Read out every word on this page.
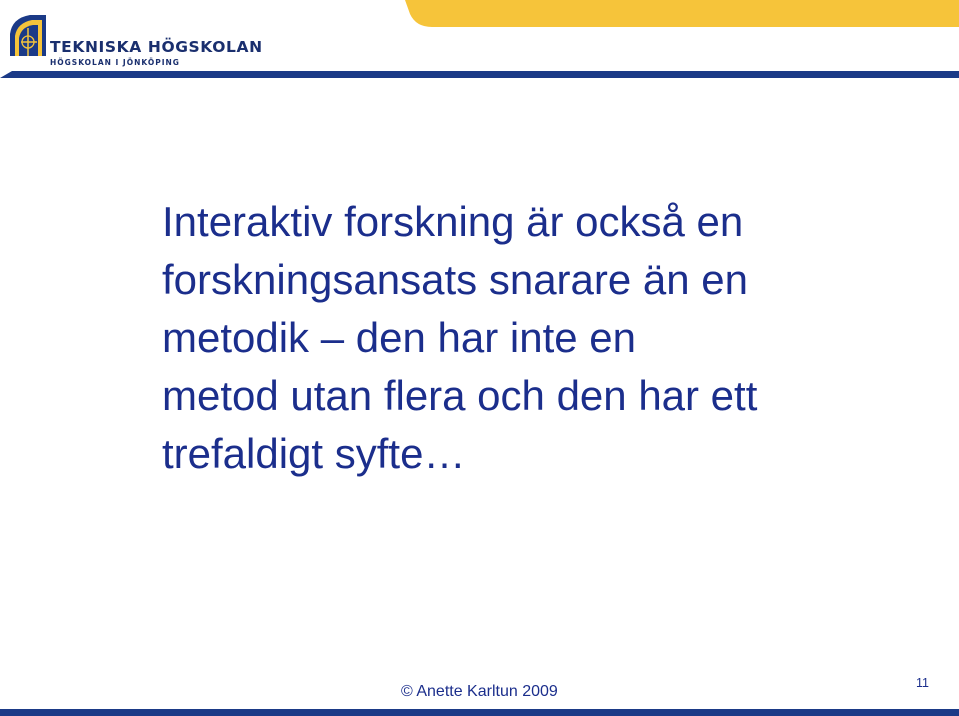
TEKNISKA HÖGSKOLAN
HÖGSKOLAN I JÖNKÖPING
Interaktiv forskning är också en
forskningsansats snarare än en
metodik – den har inte en
metod utan flera och den har ett
trefaldigt syfte…
© Anette Karltun 2009	11
